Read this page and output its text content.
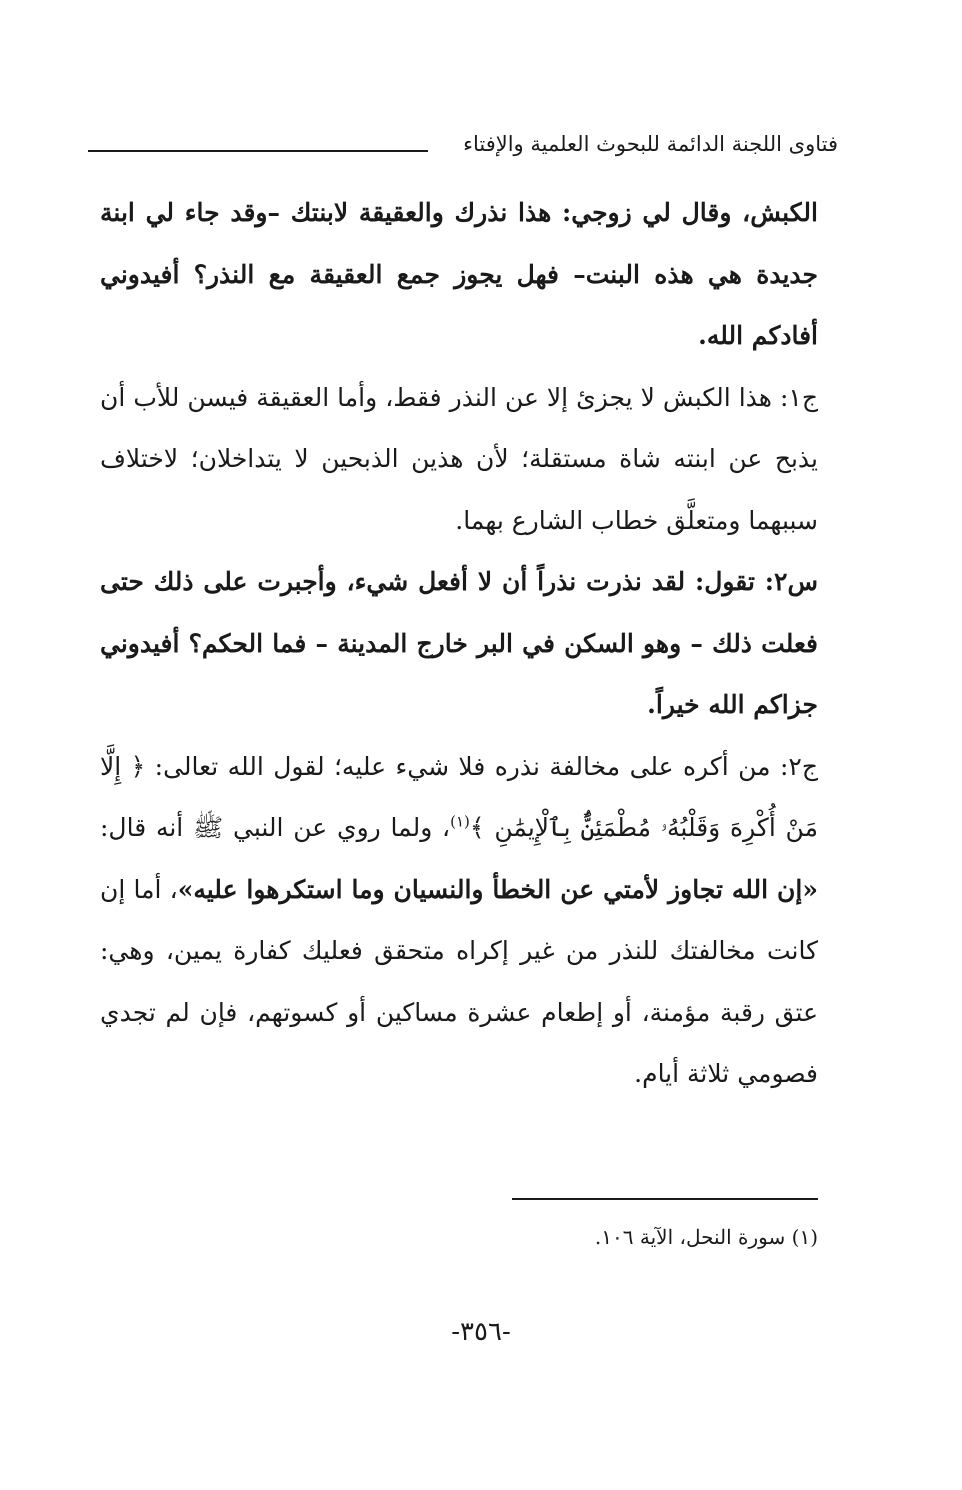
فتاوى اللجنة الدائمة للبحوث العلمية والإفتاء

الكبش، وقال لي زوجي: هذا نذرك والعقيقة لابنتك –وقد جاء لي ابنة جديدة هي هذه البنت– فهل يجوز جمع العقيقة مع النذر؟ أفيدوني أفادكم الله.

ج١: هذا الكبش لا يجزئ إلا عن النذر فقط، وأما العقيقة فيسن للأب أن يذبح عن ابنته شاة مستقلة؛ لأن هذين الذبحين لا يتداخلان؛ لاختلاف سببهما ومتعلَّق خطاب الشارع بهما.

س٢: تقول: لقد نذرت نذراً أن لا أفعل شيء، وأجبرت على ذلك حتى فعلت ذلك – وهو السكن في البر خارج المدينة – فما الحكم؟ أفيدوني جزاكم الله خيراً.

ج٢: من أكره على مخالفة نذره فلا شيء عليه؛ لقول الله تعالى: ﴿ إِلَّا مَنْ أُكْرِهَ وَقَلْبُهُۥ مُطْمَئِنٌّۢ بِٱلْإِيمَٰنِ ﴾$^{(١)}$، ولما روي عن النبي ﷺ أنه قال: «إن الله تجاوز لأمتي عن الخطأ والنسيان وما استكرهوا عليه»، أما إن كانت مخالفتك للنذر من غير إكراه متحقق فعليك كفارة يمين، وهي: عتق رقبة مؤمنة، أو إطعام عشرة مساكين أو كسوتهم، فإن لم تجدي فصومي ثلاثة أيام.

(١) سورة النحل، الآية ١٠٦.
-٣٥٦-
